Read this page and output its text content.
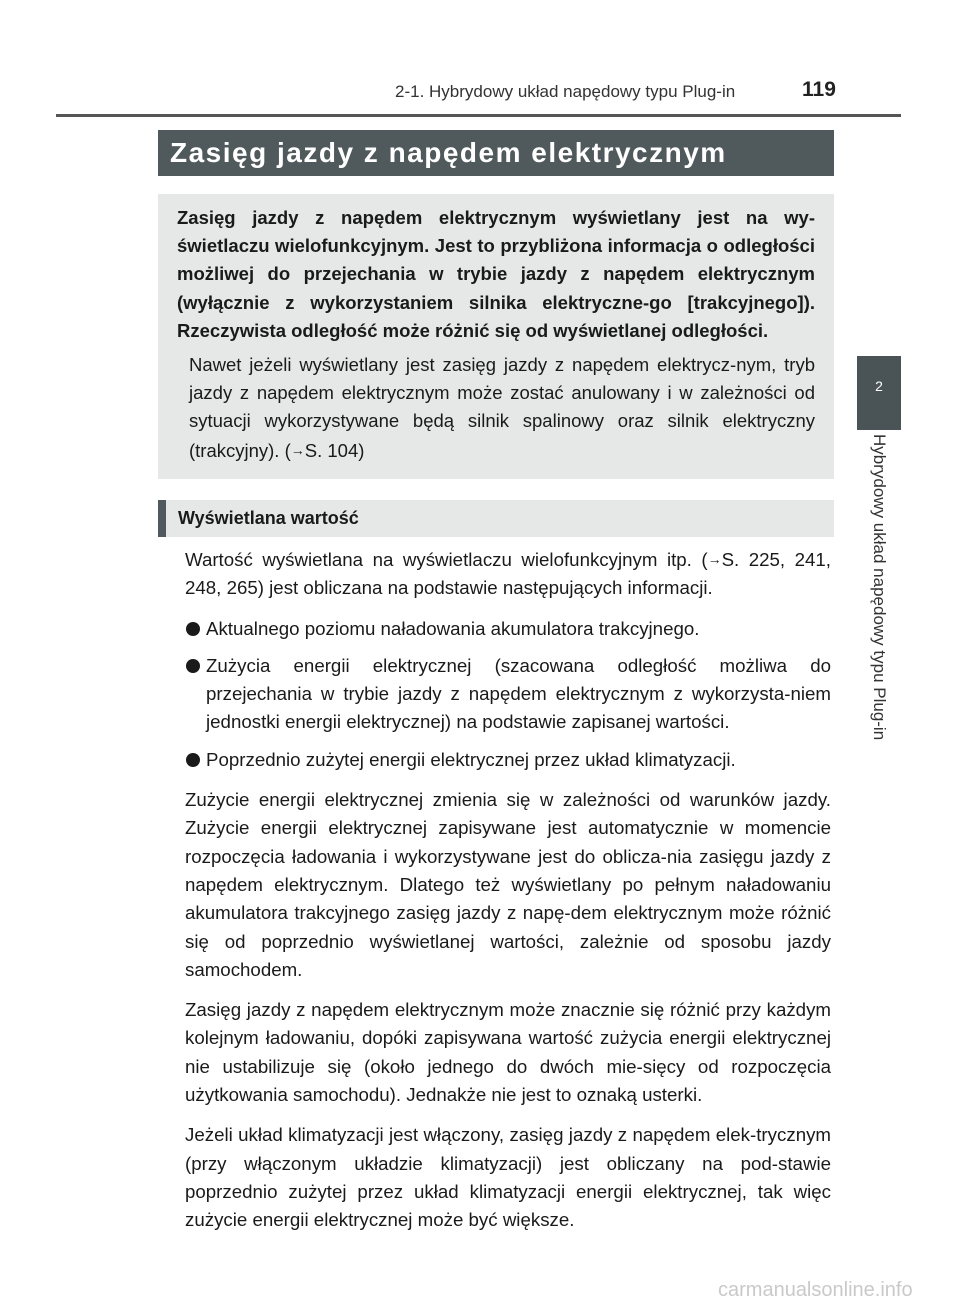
2-1. Hybrydowy układ napędowy typu Plug-in	119
2
Hybrydowy układ napędowy typu Plug-in
Zasięg jazdy z napędem elektrycznym

Zasięg jazdy z napędem elektrycznym wyświetlany jest na wy-świetlaczu wielofunkcyjnym. Jest to przybliżona informacja o odległości możliwej do przejechania w trybie jazdy z napędem elektrycznym (wyłącznie z wykorzystaniem silnika elektryczne-go [trakcyjnego]). Rzeczywista odległość może różnić się od wyświetlanej odległości.

Nawet jeżeli wyświetlany jest zasięg jazdy z napędem elektrycz-nym, tryb jazdy z napędem elektrycznym może zostać anulowany i w zależności od sytuacji wykorzystywane będą silnik spalinowy oraz silnik elektryczny (trakcyjny). (→S. 104)

Wyświetlana wartość

Wartość wyświetlana na wyświetlaczu wielofunkcyjnym itp. (→S. 225, 241, 248, 265) jest obliczana na podstawie następujących informacji.

Aktualnego poziomu naładowania akumulatora trakcyjnego.
Zużycia energii elektrycznej (szacowana odległość możliwa do przejechania w trybie jazdy z napędem elektrycznym z wykorzysta-niem jednostki energii elektrycznej) na podstawie zapisanej wartości.
Poprzednio zużytej energii elektrycznej przez układ klimatyzacji.

Zużycie energii elektrycznej zmienia się w zależności od warunków jazdy. Zużycie energii elektrycznej zapisywane jest automatycznie w momencie rozpoczęcia ładowania i wykorzystywane jest do oblicza-nia zasięgu jazdy z napędem elektrycznym. Dlatego też wyświetlany po pełnym naładowaniu akumulatora trakcyjnego zasięg jazdy z napę-dem elektrycznym może różnić się od poprzednio wyświetlanej wartości, zależnie od sposobu jazdy samochodem.

Zasięg jazdy z napędem elektrycznym może znacznie się różnić przy każdym kolejnym ładowaniu, dopóki zapisywana wartość zużycia energii elektrycznej nie ustabilizuje się (około jednego do dwóch mie-sięcy od rozpoczęcia użytkowania samochodu). Jednakże nie jest to oznaką usterki.

Jeżeli układ klimatyzacji jest włączony, zasięg jazdy z napędem elek-trycznym (przy włączonym układzie klimatyzacji) jest obliczany na pod-stawie poprzednio zużytej przez układ klimatyzacji energii elektrycznej, tak więc zużycie energii elektrycznej może być większe.

carmanualsonline.info
